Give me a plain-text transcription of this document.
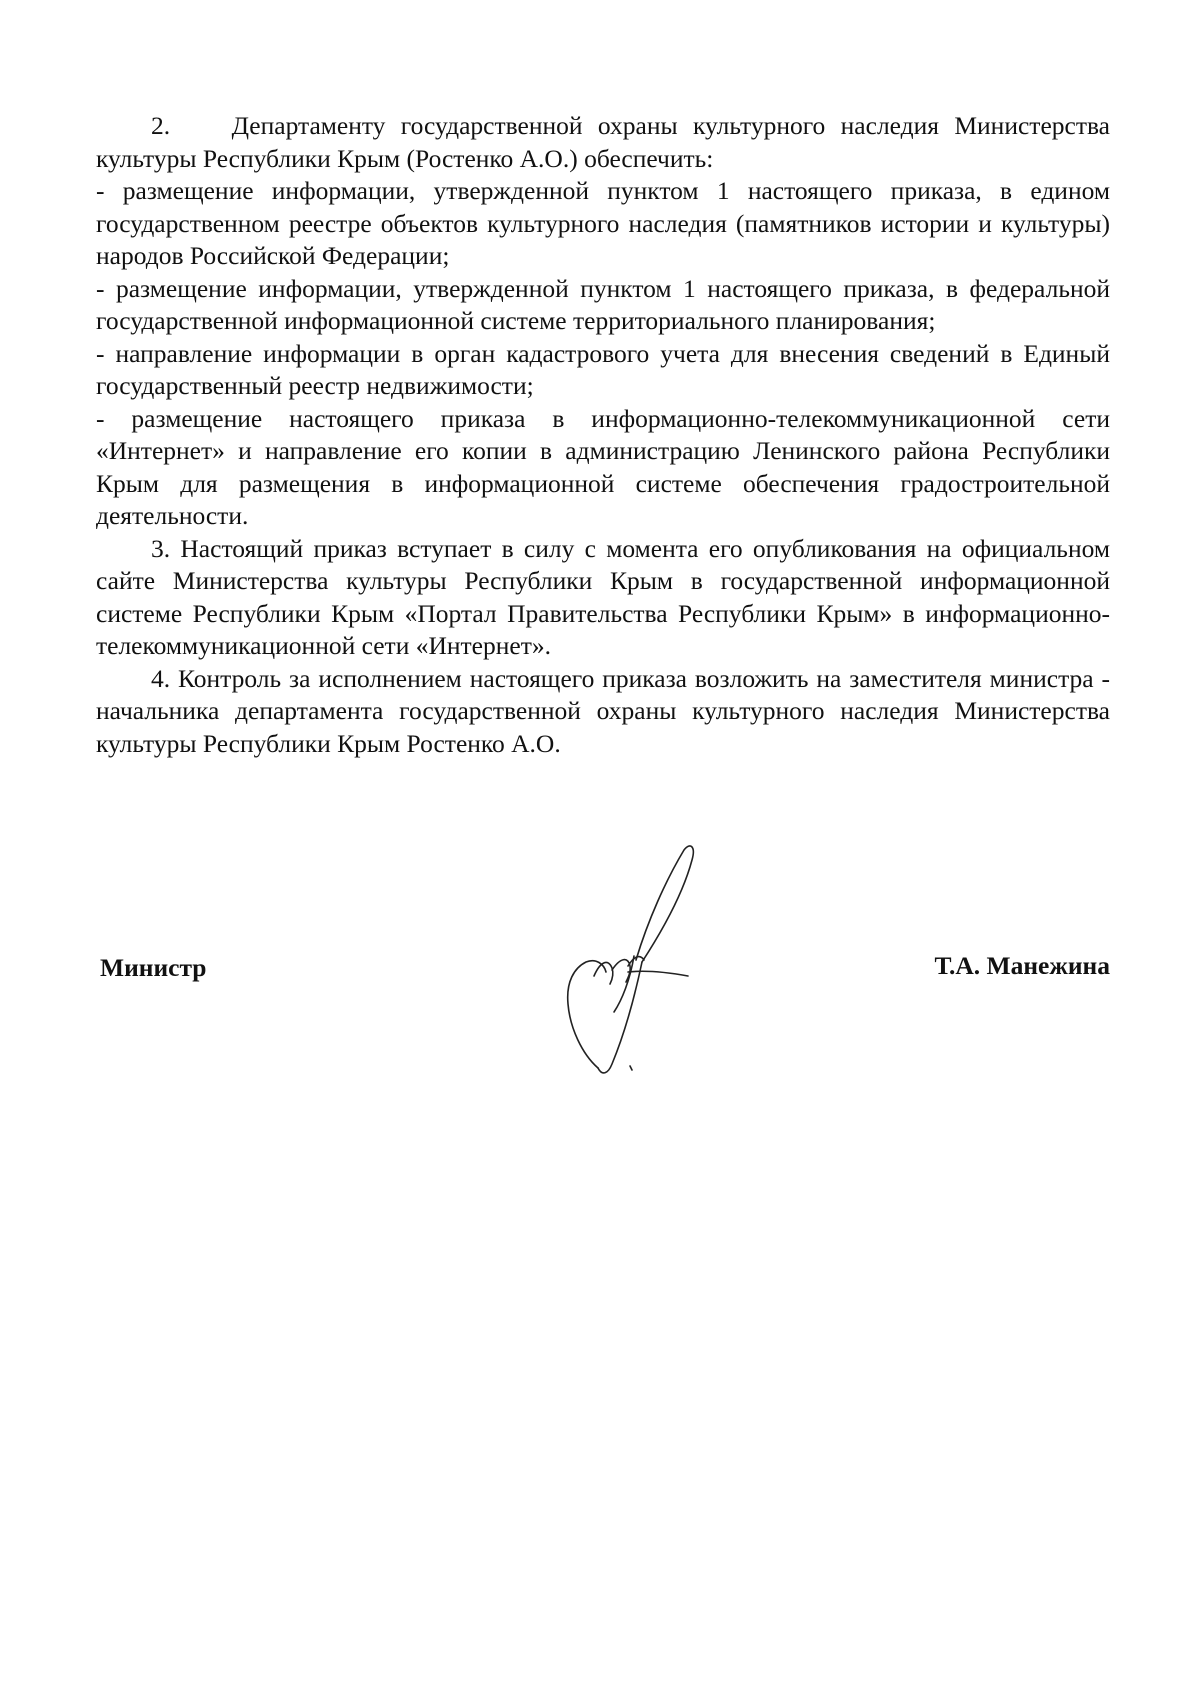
2.    Департаменту государственной охраны культурного наследия Министерства культуры Республики Крым (Ростенко А.О.) обеспечить:

- размещение информации, утвержденной пунктом 1 настоящего приказа, в едином государственном реестре объектов культурного наследия (памятников истории и культуры) народов Российской Федерации;

- размещение информации, утвержденной пунктом 1 настоящего приказа, в федеральной государственной информационной системе территориального планирования;

- направление информации в орган кадастрового учета для внесения сведений в Единый государственный реестр недвижимости;

- размещение настоящего приказа в информационно-телекоммуникационной сети «Интернет» и направление его копии в администрацию Ленинского района Республики Крым для размещения в информационной системе обеспечения градостроительной деятельности.

3. Настоящий приказ вступает в силу с момента его опубликования на официальном сайте Министерства культуры Республики Крым в государственной информационной системе Республики Крым «Портал Правительства Республики Крым» в информационно-телекоммуникационной сети «Интернет».

4. Контроль за исполнением настоящего приказа возложить на заместителя министра - начальника департамента государственной охраны культурного наследия Министерства культуры Республики Крым Ростенко А.О.

Министр	Т.А. Манежина
